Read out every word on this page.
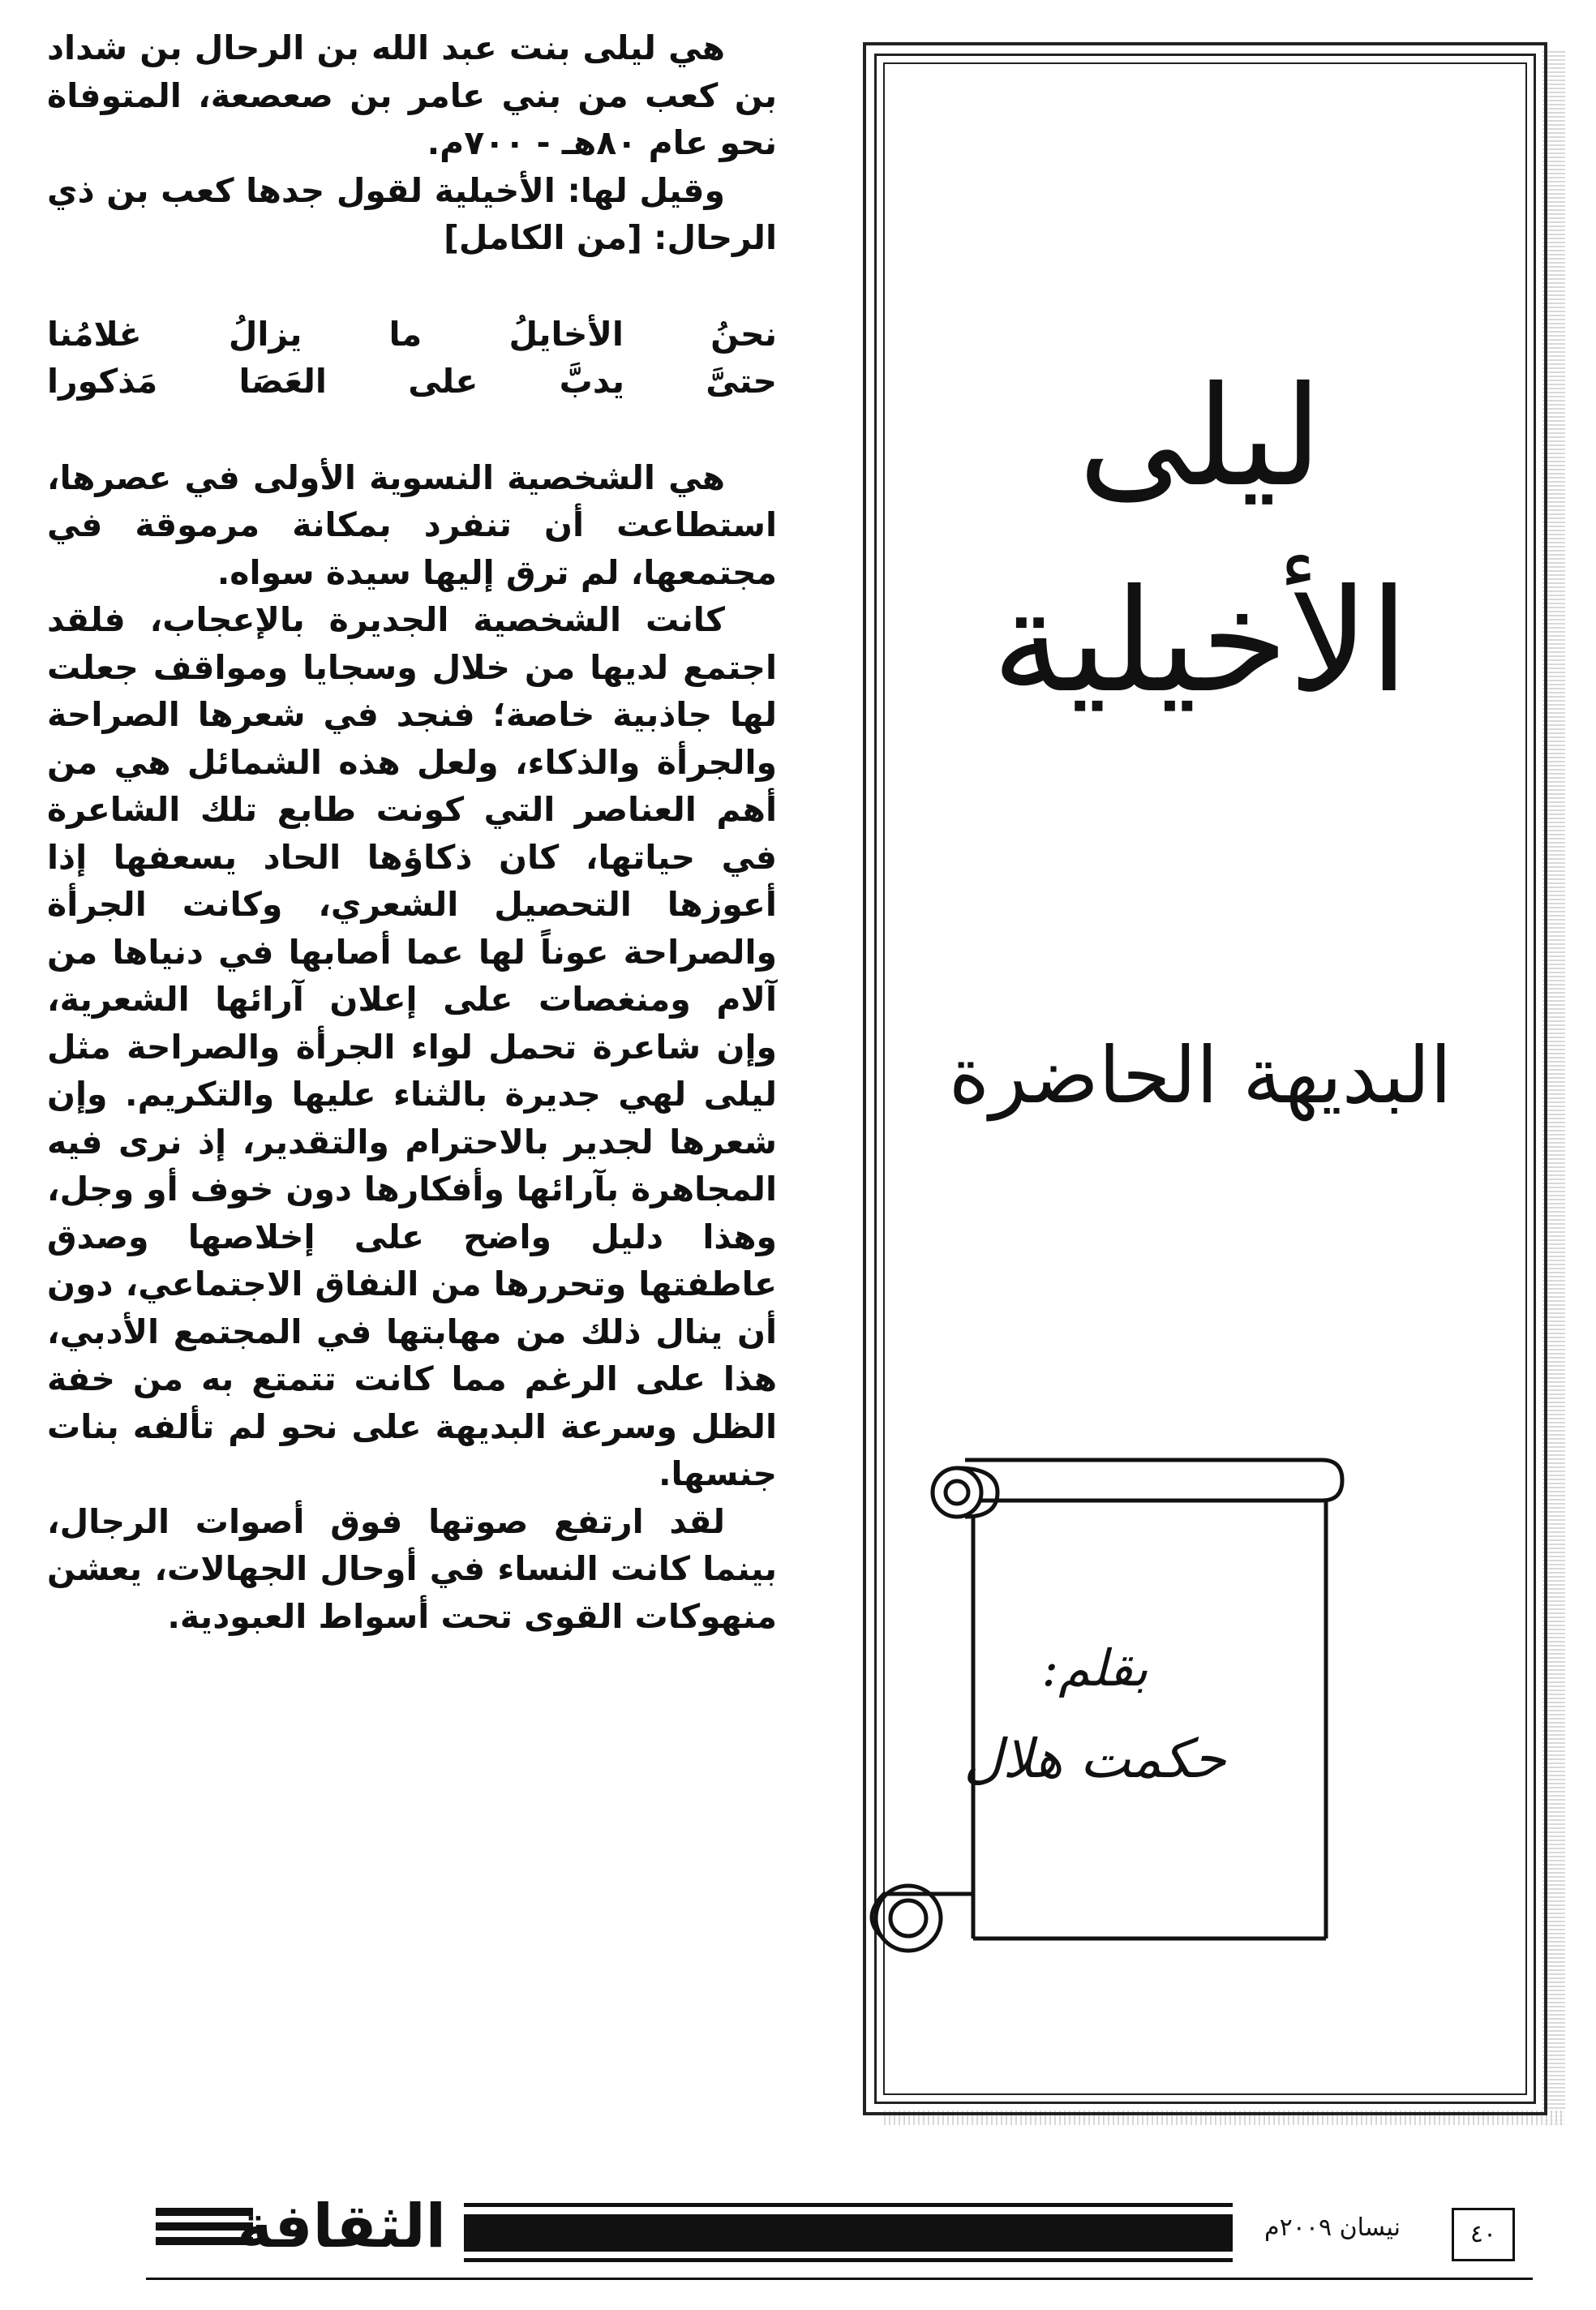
هي ليلى بنت عبد الله بن الرحال بن شداد بن كعب من بني عامر بن صعصعة، المتوفاة نحو عام ٨٠هـ - ٧٠٠م.

وقيل لها: الأخيلية لقول جدها كعب بن ذي الرحال: [من الكامل]

نحنُ الأخايلُ ما يزالُ غلامُنا
حتىَّ يدبَّ على العَصَا مَذكورا

هي الشخصية النسوية الأولى في عصرها، استطاعت أن تنفرد بمكانة مرموقة في مجتمعها، لم ترق إليها سيدة سواه.

كانت الشخصية الجديرة بالإعجاب، فلقد اجتمع لديها من خلال وسجايا ومواقف جعلت لها جاذبية خاصة؛ فنجد في شعرها الصراحة والجرأة والذكاء، ولعل هذه الشمائل هي من أهم العناصر التي كونت طابع تلك الشاعرة في حياتها، كان ذكاؤها الحاد يسعفها إذا أعوزها التحصيل الشعري، وكانت الجرأة والصراحة عوناً لها عما أصابها في دنياها من آلام ومنغصات على إعلان آرائها الشعرية، وإن شاعرة تحمل لواء الجرأة والصراحة مثل ليلى لهي جديرة بالثناء عليها والتكريم. وإن شعرها لجدير بالاحترام والتقدير، إذ نرى فيه المجاهرة بآرائها وأفكارها دون خوف أو وجل، وهذا دليل واضح على إخلاصها وصدق عاطفتها وتحررها من النفاق الاجتماعي، دون أن ينال ذلك من مهابتها في المجتمع الأدبي، هذا على الرغم مما كانت تتمتع به من خفة الظل وسرعة البديهة على نحو لم تألفه بنات جنسها.

لقد ارتفع صوتها فوق أصوات الرجال، بينما كانت النساء في أوحال الجهالات، يعشن منهوكات القوى تحت أسواط العبودية.

ليلى
الأخيلية
البديهة الحاضرة
بقلم:
حكمت هلال
الثقافة	نيسان ٢٠٠٩م	٤٠
